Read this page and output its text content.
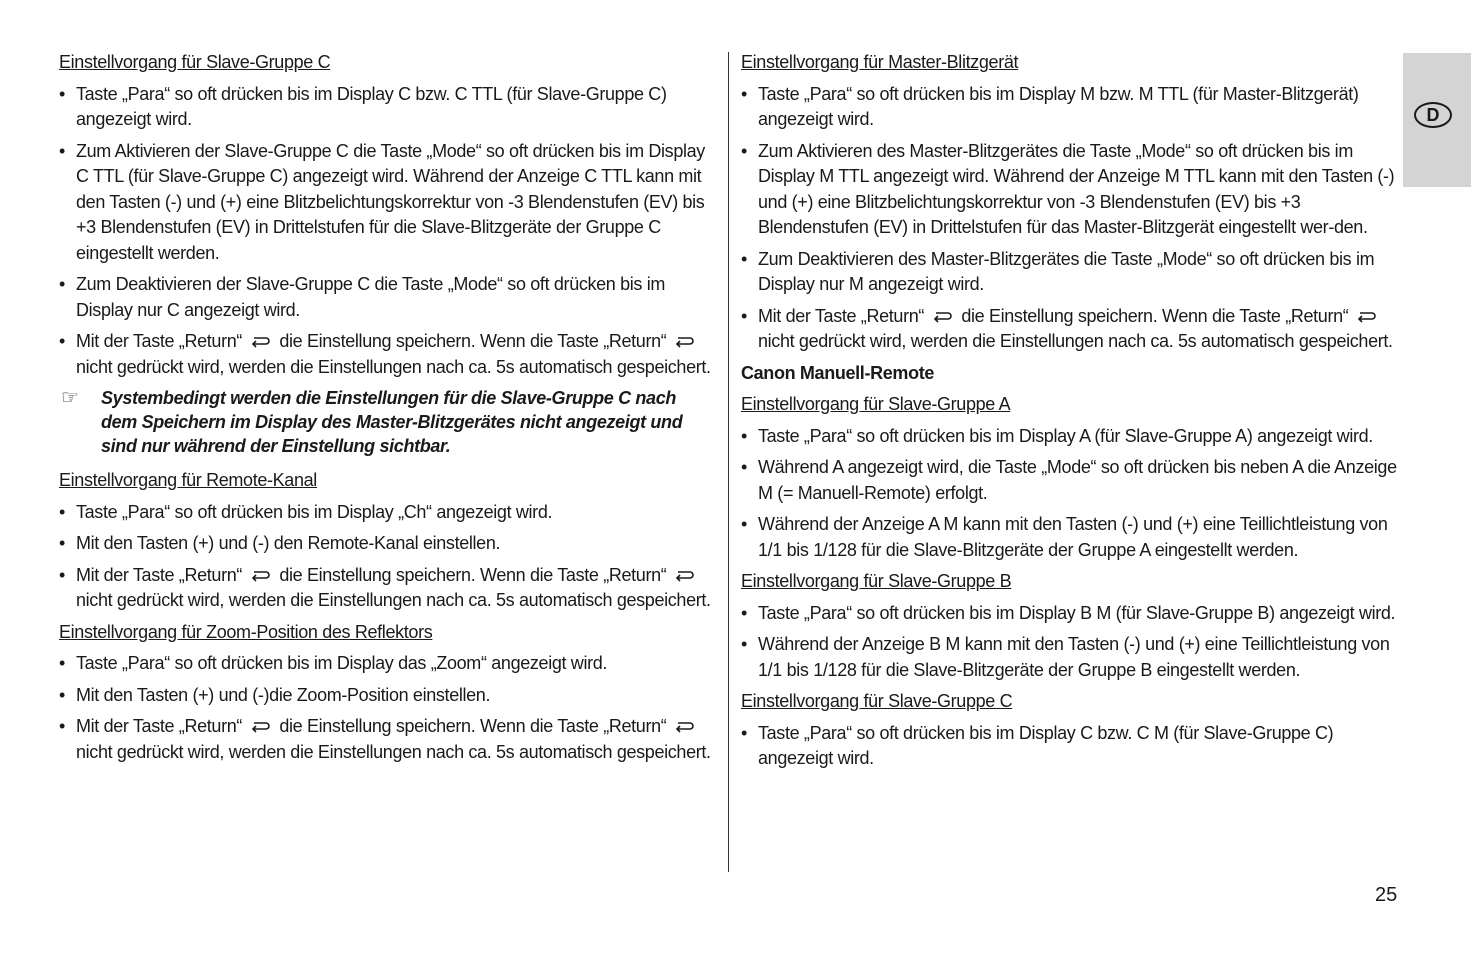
D
Einstellvorgang für Slave-Gruppe C
• Taste „Para“ so oft drücken bis im Display C bzw. C TTL (für Slave-Gruppe C) angezeigt wird.
• Zum Aktivieren der Slave-Gruppe C die Taste „Mode“ so oft drücken bis im Display C TTL (für Slave-Gruppe C) angezeigt wird. Während der Anzeige C TTL kann mit den Tasten (-) und (+) eine Blitzbelichtungskorrektur von -3 Blendenstufen (EV) bis +3 Blendenstufen (EV) in Drittelstufen für die Slave-Blitzgeräte der Gruppe C eingestellt werden.
• Zum Deaktivieren der Slave-Gruppe C die Taste „Mode“ so oft drücken bis im Display nur C angezeigt wird.
• Mit der Taste „Return“ die Einstellung speichern. Wenn die Taste „Return“
nicht gedrückt wird, werden die Einstellungen nach ca. 5s automatisch gespeichert.
☞ Systembedingt werden die Einstellungen für die Slave-Gruppe C nach dem Speichern im Display des Master-Blitzgerätes nicht angezeigt und sind nur während der Einstellung sichtbar.
Einstellvorgang für Remote-Kanal
• Taste „Para“ so oft drücken bis im Display „Ch“ angezeigt wird.
• Mit den Tasten (+) und (-) den Remote-Kanal einstellen.
• Mit der Taste „Return“ die Einstellung speichern. Wenn die Taste „Return“
nicht gedrückt wird, werden die Einstellungen nach ca. 5s automatisch gespeichert.
Einstellvorgang für Zoom-Position des Reflektors
• Taste „Para“ so oft drücken bis im Display das „Zoom“ angezeigt wird.
• Mit den Tasten (+) und (-)die Zoom-Position einstellen.
• Mit der Taste „Return“ die Einstellung speichern. Wenn die Taste „Return“
nicht gedrückt wird, werden die Einstellungen nach ca. 5s automatisch gespeichert.
Einstellvorgang für Master-Blitzgerät
• Taste „Para“ so oft drücken bis im Display M bzw. M TTL (für Master-Blitzgerät) angezeigt wird.
• Zum Aktivieren des Master-Blitzgerätes die Taste „Mode“ so oft drücken bis im Display M TTL angezeigt wird. Während der Anzeige M TTL kann mit den Tasten (-) und (+) eine Blitzbelichtungskorrektur von -3 Blendenstufen (EV) bis +3 Blendenstufen (EV) in Drittelstufen für das Master-Blitzgerät eingestellt wer-den.
• Zum Deaktivieren des Master-Blitzgerätes die Taste „Mode“ so oft drücken bis im Display nur M angezeigt wird.
• Mit der Taste „Return“ die Einstellung speichern. Wenn die Taste „Return“
nicht gedrückt wird, werden die Einstellungen nach ca. 5s automatisch gespeichert.
Canon Manuell-Remote
Einstellvorgang für Slave-Gruppe A
• Taste „Para“ so oft drücken bis im Display A (für Slave-Gruppe A) angezeigt wird.
• Während A angezeigt wird, die Taste „Mode“ so oft drücken bis neben A die Anzeige M (= Manuell-Remote) erfolgt.
• Während der Anzeige A M kann mit den Tasten (-) und (+) eine Teillichtleistung von 1/1 bis 1/128 für die Slave-Blitzgeräte der Gruppe A eingestellt werden.
Einstellvorgang für Slave-Gruppe B
• Taste „Para“ so oft drücken bis im Display B M (für Slave-Gruppe B) angezeigt wird.
• Während der Anzeige B M kann mit den Tasten (-) und (+) eine Teillichtleistung von 1/1 bis 1/128 für die Slave-Blitzgeräte der Gruppe B eingestellt werden.
Einstellvorgang für Slave-Gruppe C
• Taste „Para“ so oft drücken bis im Display C bzw. C M (für Slave-Gruppe C) angezeigt wird.
25
